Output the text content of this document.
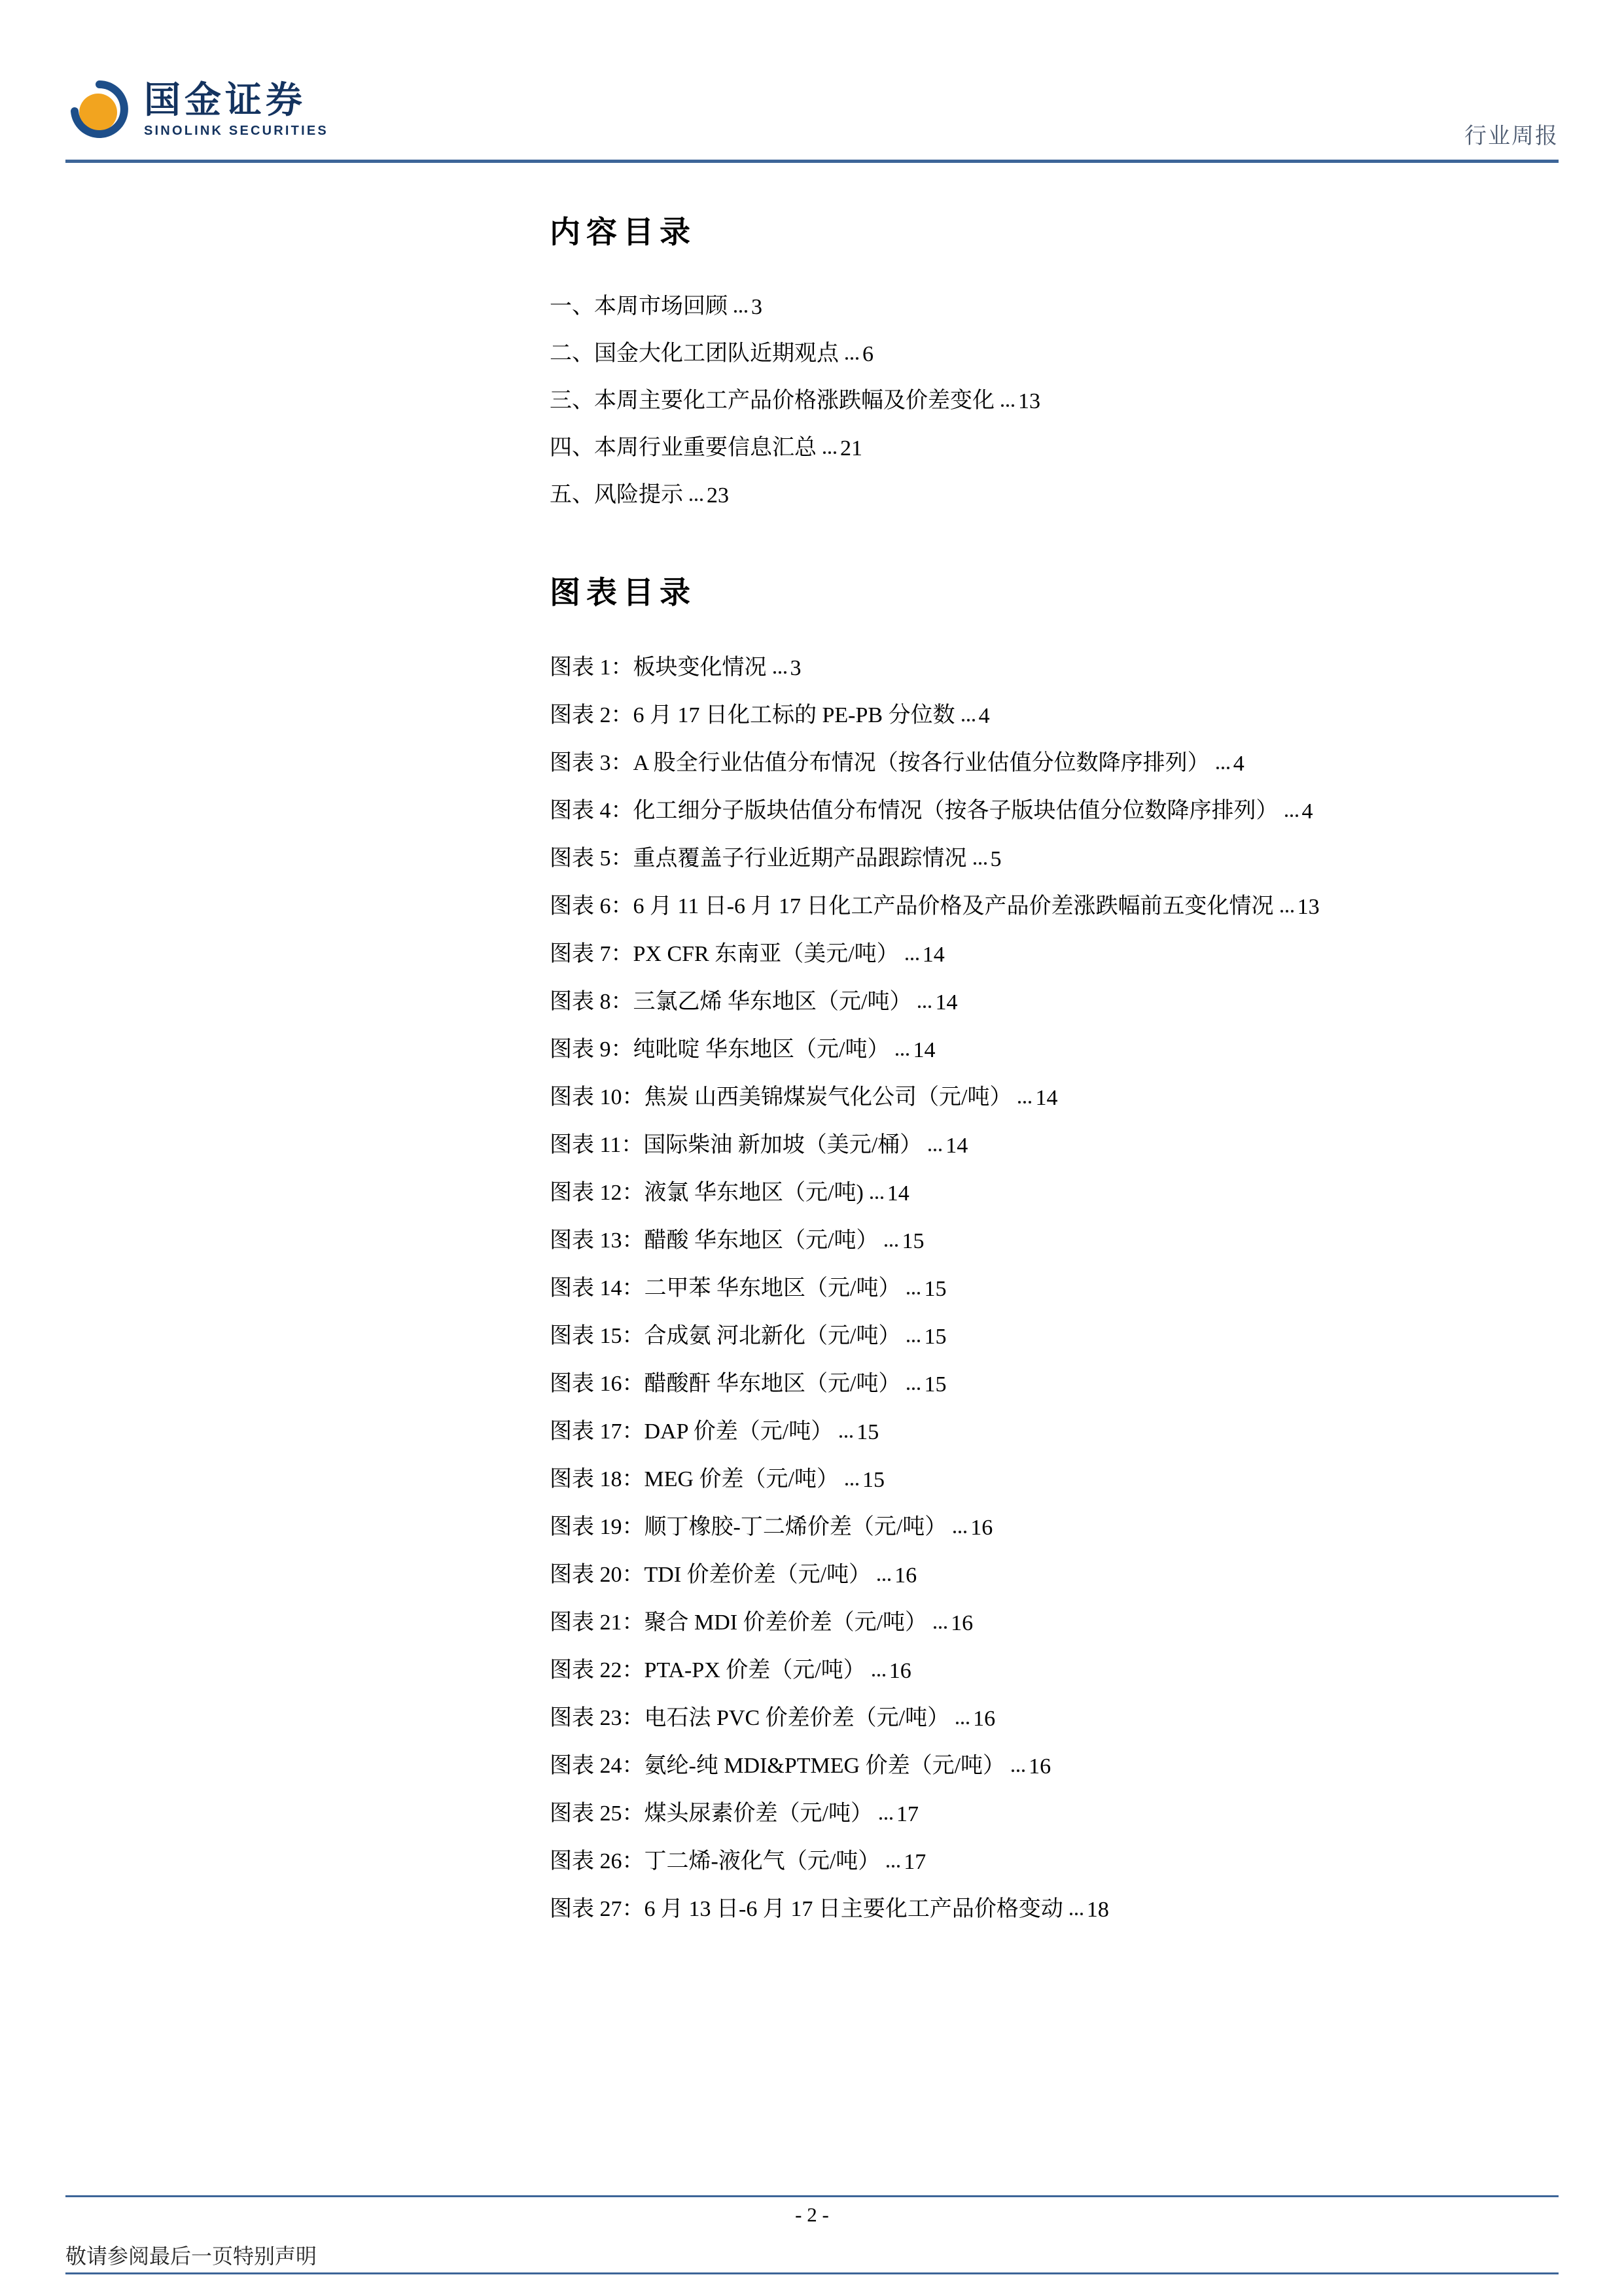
国金证券
SINOLINK SECURITIES	行业周报
内容目录
一、本周市场回顾 3
二、国金大化工团队近期观点 6
三、本周主要化工产品价格涨跌幅及价差变化 13
四、本周行业重要信息汇总 21
五、风险提示 23
图表目录
图表 1：板块变化情况 3
图表 2：6 月 17 日化工标的 PE-PB 分位数 4
图表 3：A 股全行业估值分布情况（按各行业估值分位数降序排列） 4
图表 4：化工细分子版块估值分布情况（按各子版块估值分位数降序排列） 4
图表 5：重点覆盖子行业近期产品跟踪情况 5
图表 6：6 月 11 日-6 月 17 日化工产品价格及产品价差涨跌幅前五变化情况 13
图表 7：PX CFR 东南亚（美元/吨） 14
图表 8：三氯乙烯 华东地区（元/吨） 14
图表 9：纯吡啶 华东地区（元/吨） 14
图表 10：焦炭 山西美锦煤炭气化公司（元/吨） 14
图表 11：国际柴油 新加坡（美元/桶） 14
图表 12：液氯 华东地区（元/吨) 14
图表 13：醋酸 华东地区（元/吨） 15
图表 14：二甲苯 华东地区（元/吨） 15
图表 15：合成氨 河北新化（元/吨） 15
图表 16：醋酸酐 华东地区（元/吨） 15
图表 17：DAP 价差（元/吨） 15
图表 18：MEG 价差（元/吨） 15
图表 19：顺丁橡胶-丁二烯价差（元/吨） 16
图表 20：TDI 价差价差（元/吨） 16
图表 21：聚合 MDI 价差价差（元/吨） 16
图表 22：PTA-PX 价差（元/吨） 16
图表 23：电石法 PVC 价差价差（元/吨） 16
图表 24：氨纶-纯 MDI&PTMEG 价差（元/吨） 16
图表 25：煤头尿素价差（元/吨） 17
图表 26：丁二烯-液化气（元/吨） 17
图表 27：6 月 13 日-6 月 17 日主要化工产品价格变动 18
- 2 -
敬请参阅最后一页特别声明
